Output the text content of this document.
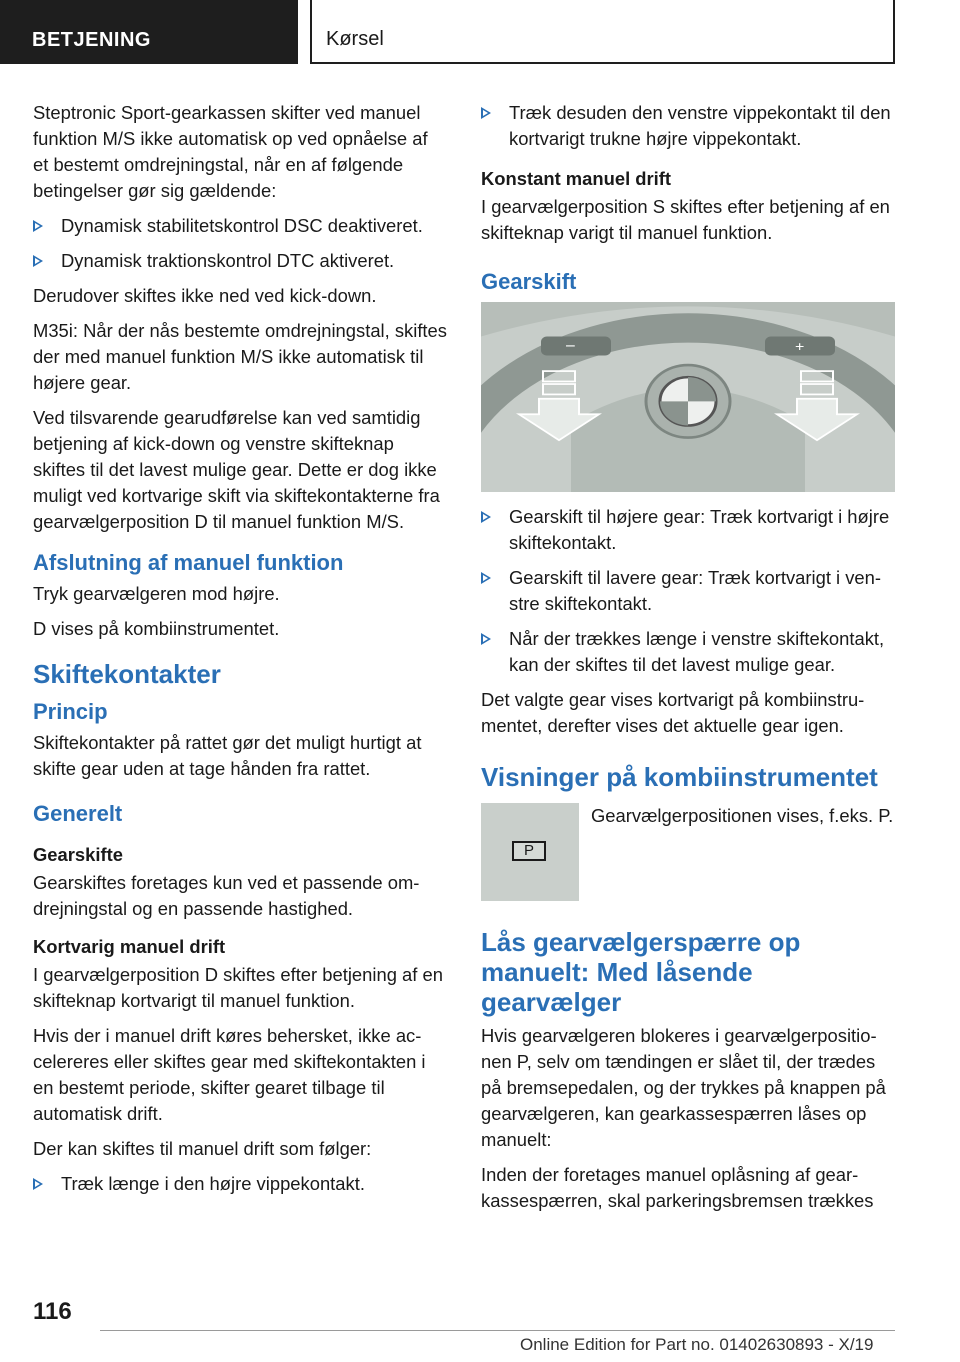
BETJENING	Kørsel

Steptronic Sport-gearkassen skifter ved manuel funktion M/S ikke automatisk op ved opnåelse af et bestemt omdrejningstal, når en af følgende betingelser gør sig gældende:

Dynamisk stabilitetskontrol DSC deaktiveret.
Dynamisk traktionskontrol DTC aktiveret.

Derudover skiftes ikke ned ved kick-down.

M35i: Når der nås bestemte omdrejningstal, skiftes der med manuel funktion M/S ikke automatisk til højere gear.

Ved tilsvarende gearudførelse kan ved samtidig betjening af kick-down og venstre skifteknap skiftes til det lavest mulige gear. Dette er dog ikke muligt ved kortvarige skift via skiftekontakterne fra gearvælgerposition D til manuel funktion M/S.

Afslutning af manuel funktion

Tryk gearvælgeren mod højre.

D vises på kombiinstrumentet.

Skiftekontakter
Princip

Skiftekontakter på rattet gør det muligt hurtigt at skifte gear uden at tage hånden fra rattet.

Generelt
Gearskifte

Gearskiftes foretages kun ved et passende omdrejningstal og en passende hastighed.

Kortvarig manuel drift

I gearvælgerposition D skiftes efter betjening af en skifteknap kortvarigt til manuel funktion.

Hvis der i manuel drift køres behersket, ikke accelereres eller skiftes gear med skiftekontakten i en bestemt periode, skifter gearet tilbage til automatisk drift.

Der kan skiftes til manuel drift som følger:

Træk længe i den højre vippekontakt.
Træk desuden den venstre vippekontakt til den kortvarigt trukne højre vippekontakt.
Konstant manuel drift

I gearvælgerposition S skiftes efter betjening af en skifteknap varigt til manuel funktion.

Gearskift
−	+
Gearskift til højere gear: Træk kortvarigt i højre skiftekontakt.
Gearskift til lavere gear: Træk kortvarigt i venstre skiftekontakt.
Når der trækkes længe i venstre skiftekontakt, kan der skiftes til det lavest mulige gear.

Det valgte gear vises kortvarigt på kombiinstrumentet, derefter vises det aktuelle gear igen.

Visninger på kombiinstrumentet
P
Gearvælgerpositionen vises, f.eks. P.
Lås gearvælgerspærre op manuelt: Med låsende gearvælger

Hvis gearvælgeren blokeres i gearvælgerpositionen P, selv om tændingen er slået til, der trædes på bremsepedalen, og der trykkes på knappen på gearvælgeren, kan gearkassespærren låses op manuelt:

Inden der foretages manuel oplåsning af gearkassespærren, skal parkeringsbremsen trækkes

116
Online Edition for Part no. 01402630893 - X/19
